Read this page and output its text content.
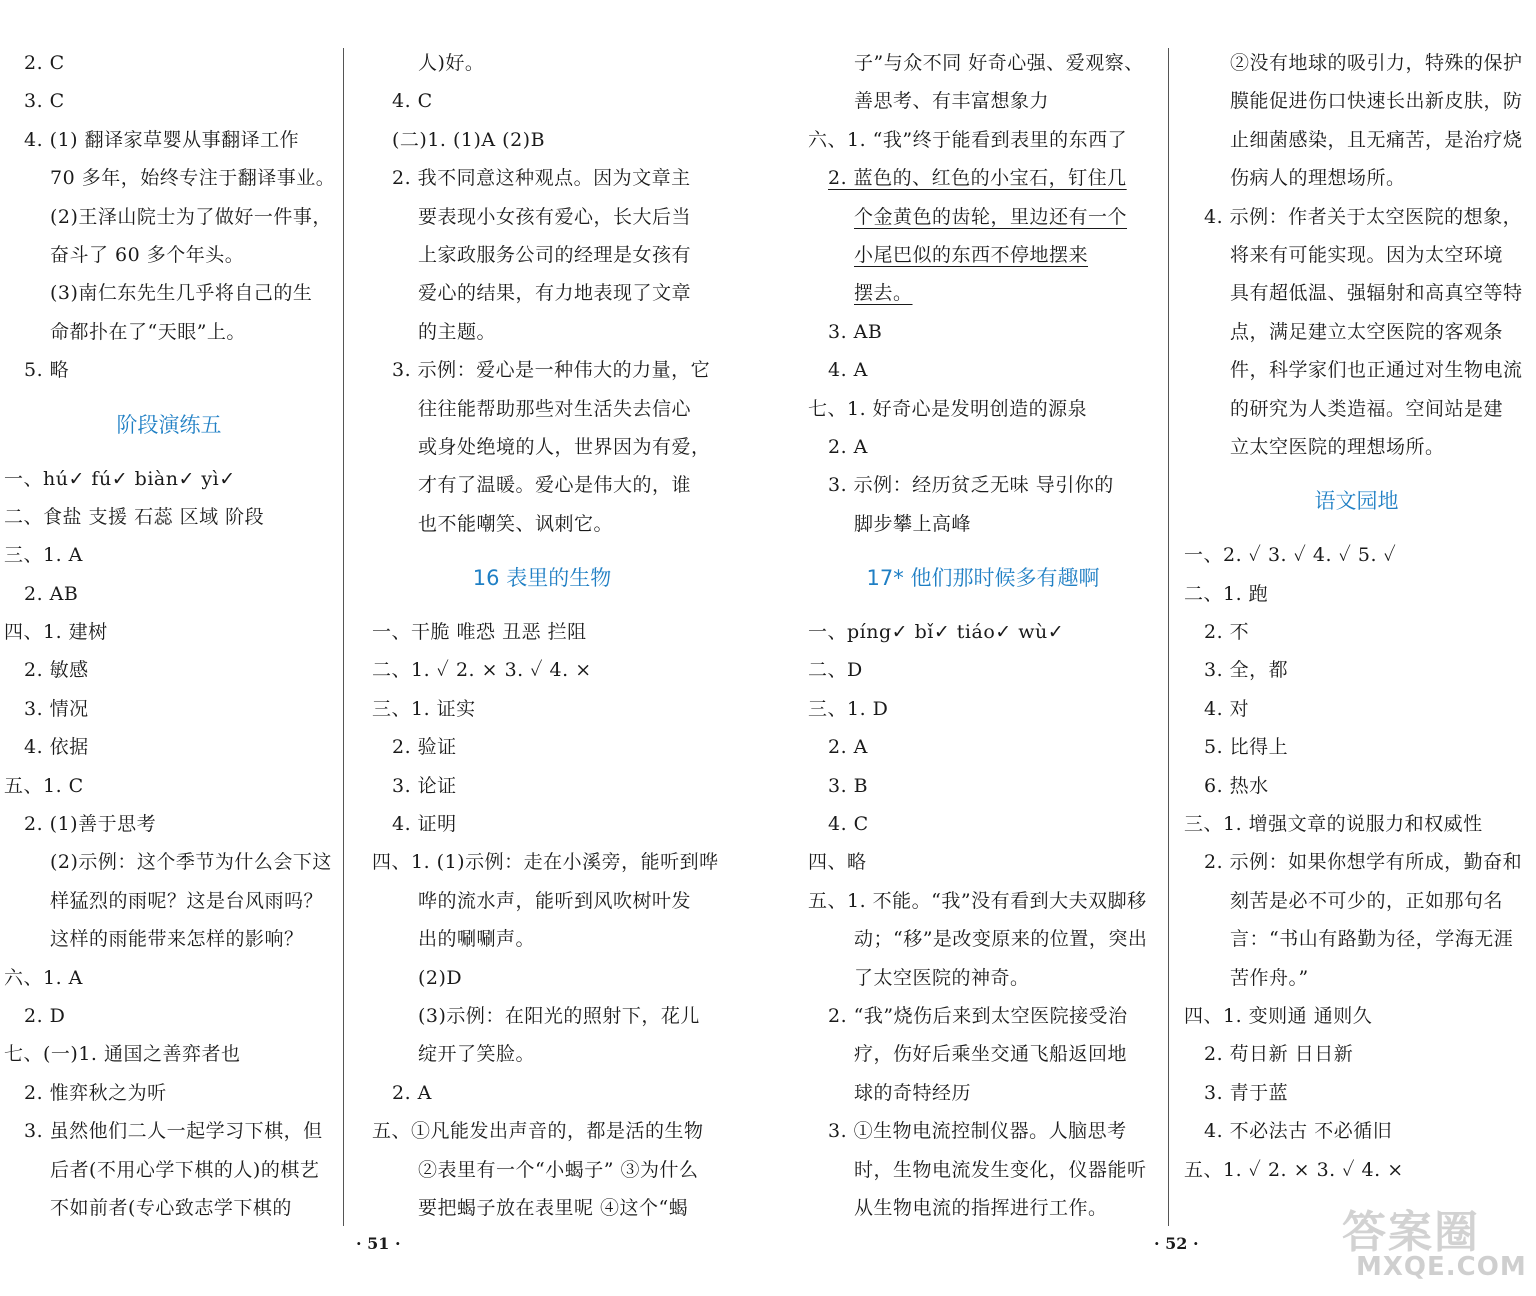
2. C
3. C
4. (1) 翻译家草婴从事翻译工作
70 多年，始终专注于翻译事业。
(2)王泽山院士为了做好一件事，
奋斗了 60 多个年头。
(3)南仁东先生几乎将自己的生
命都扑在了“天眼”上。
5. 略
阶段演练五
一、hú✓ fú✓ biàn✓ yì✓
二、食盐 支援 石蕊 区域 阶段
三、1. A
2. AB
四、1. 建树
2. 敏感
3. 情况
4. 依据
五、1. C
2. (1)善于思考
(2)示例：这个季节为什么会下这
样猛烈的雨呢？这是台风雨吗？
这样的雨能带来怎样的影响？
六、1. A
2. D
七、(一)1. 通国之善弈者也
2. 惟弈秋之为听
3. 虽然他们二人一起学习下棋，但
后者(不用心学下棋的人)的棋艺
不如前者(专心致志学下棋的
人)好。
4. C
(二)1. (1)A (2)B
2. 我不同意这种观点。因为文章主
要表现小女孩有爱心，长大后当
上家政服务公司的经理是女孩有
爱心的结果，有力地表现了文章
的主题。
3. 示例：爱心是一种伟大的力量，它
往往能帮助那些对生活失去信心
或身处绝境的人，世界因为有爱，
才有了温暖。爱心是伟大的，谁
也不能嘲笑、讽刺它。
16 表里的生物
一、干脆 唯恐 丑恶 拦阻
二、1. ✓ 2. × 3. ✓ 4. ×
三、1. 证实
2. 验证
3. 论证
4. 证明
四、1. (1)示例：走在小溪旁，能听到哗
哗的流水声，能听到风吹树叶发
出的唰唰声。
(2)D
(3)示例：在阳光的照射下，花儿
绽开了笑脸。
2. A
五、①凡能发出声音的，都是活的生物
②表里有一个“小蝎子” ③为什么
要把蝎子放在表里呢 ④这个“蝎
子”与众不同 好奇心强、爱观察、
善思考、有丰富想象力
六、1. “我”终于能看到表里的东西了
2. 蓝色的、红色的小宝石，钉住几
个金黄色的齿轮，里边还有一个
小尾巴似的东西不停地摆来
摆去。
3. AB
4. A
七、1. 好奇心是发明创造的源泉
2. A
3. 示例：经历贫乏无味 导引你的
脚步攀上高峰
17* 他们那时候多有趣啊
一、píng✓ bǐ✓ tiáo✓ wù✓
二、D
三、1. D
2. A
3. B
4. C
四、略
五、1. 不能。“我”没有看到大夫双脚移
动；“移”是改变原来的位置，突出
了太空医院的神奇。
2. “我”烧伤后来到太空医院接受治
疗，伤好后乘坐交通飞船返回地
球的奇特经历
3. ①生物电流控制仪器。人脑思考
时，生物电流发生变化，仪器能听
从生物电流的指挥进行工作。
②没有地球的吸引力，特殊的保护
膜能促进伤口快速长出新皮肤，防
止细菌感染，且无痛苦，是治疗烧
伤病人的理想场所。
4. 示例：作者关于太空医院的想象，
将来有可能实现。因为太空环境
具有超低温、强辐射和高真空等特
点，满足建立太空医院的客观条
件，科学家们也正通过对生物电流
的研究为人类造福。空间站是建
立太空医院的理想场所。
语文园地
一、2. ✓ 3. ✓ 4. ✓ 5. ✓
二、1. 跑
2. 不
3. 全，都
4. 对
5. 比得上
6. 热水
三、1. 增强文章的说服力和权威性
2. 示例：如果你想学有所成，勤奋和
刻苦是必不可少的，正如那句名
言：“书山有路勤为径，学海无涯
苦作舟。”
四、1. 变则通 通则久
2. 苟日新 日日新
3. 青于蓝
4. 不必法古 不必循旧
五、1. ✓ 2. × 3. ✓ 4. ×
· 51 ·	· 52 ·	答案圈
MXQE.COM
